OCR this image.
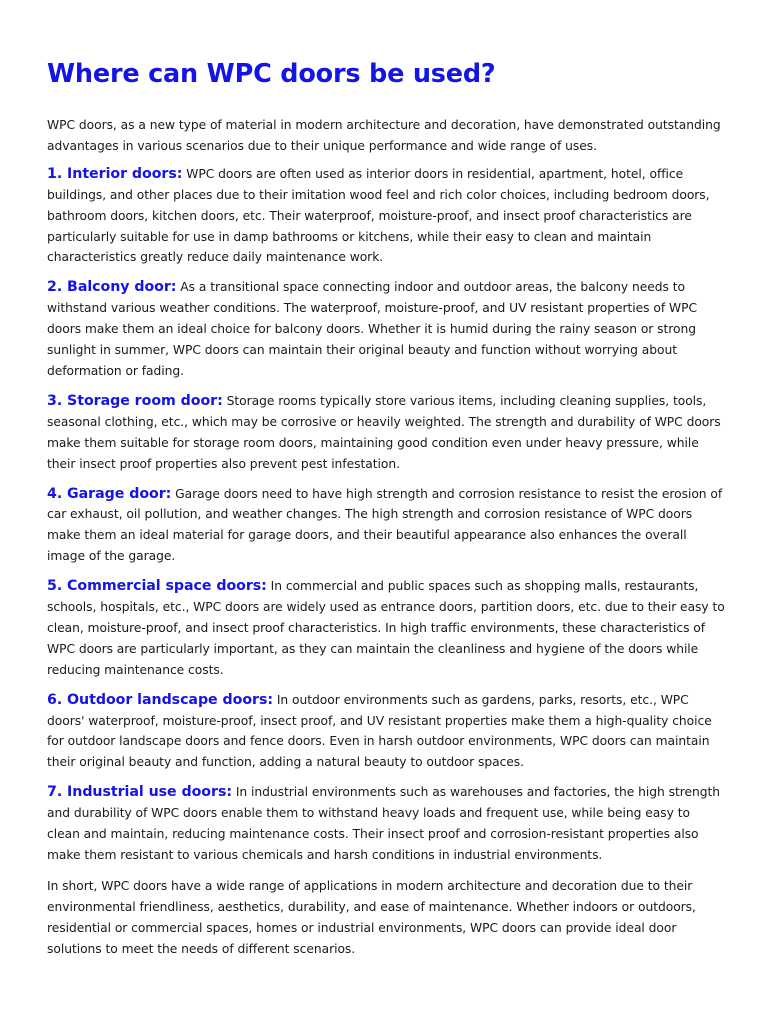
Where can WPC doors be used?

WPC doors, as a new type of material in modern architecture and decoration, have demonstrated outstanding advantages in various scenarios due to their unique performance and wide range of uses.

1. Interior doors: WPC doors are often used as interior doors in residential, apartment, hotel, office buildings, and other places due to their imitation wood feel and rich color choices, including bedroom doors, bathroom doors, kitchen doors, etc. Their waterproof, moisture-proof, and insect proof characteristics are particularly suitable for use in damp bathrooms or kitchens, while their easy to clean and maintain characteristics greatly reduce daily maintenance work.

2. Balcony door: As a transitional space connecting indoor and outdoor areas, the balcony needs to withstand various weather conditions. The waterproof, moisture-proof, and UV resistant properties of WPC doors make them an ideal choice for balcony doors. Whether it is humid during the rainy season or strong sunlight in summer, WPC doors can maintain their original beauty and function without worrying about deformation or fading.

3. Storage room door: Storage rooms typically store various items, including cleaning supplies, tools, seasonal clothing, etc., which may be corrosive or heavily weighted. The strength and durability of WPC doors make them suitable for storage room doors, maintaining good condition even under heavy pressure, while their insect proof properties also prevent pest infestation.

4. Garage door: Garage doors need to have high strength and corrosion resistance to resist the erosion of car exhaust, oil pollution, and weather changes. The high strength and corrosion resistance of WPC doors make them an ideal material for garage doors, and their beautiful appearance also enhances the overall image of the garage.

5. Commercial space doors: In commercial and public spaces such as shopping malls, restaurants, schools, hospitals, etc., WPC doors are widely used as entrance doors, partition doors, etc. due to their easy to clean, moisture-proof, and insect proof characteristics. In high traffic environments, these characteristics of WPC doors are particularly important, as they can maintain the cleanliness and hygiene of the doors while reducing maintenance costs.

6. Outdoor landscape doors: In outdoor environments such as gardens, parks, resorts, etc., WPC doors' waterproof, moisture-proof, insect proof, and UV resistant properties make them a high-quality choice for outdoor landscape doors and fence doors. Even in harsh outdoor environments, WPC doors can maintain their original beauty and function, adding a natural beauty to outdoor spaces.

7. Industrial use doors: In industrial environments such as warehouses and factories, the high strength and durability of WPC doors enable them to withstand heavy loads and frequent use, while being easy to clean and maintain, reducing maintenance costs. Their insect proof and corrosion-resistant properties also make them resistant to various chemicals and harsh conditions in industrial environments.

In short, WPC doors have a wide range of applications in modern architecture and decoration due to their environmental friendliness, aesthetics, durability, and ease of maintenance. Whether indoors or outdoors, residential or commercial spaces, homes or industrial environments, WPC doors can provide ideal door solutions to meet the needs of different scenarios.
